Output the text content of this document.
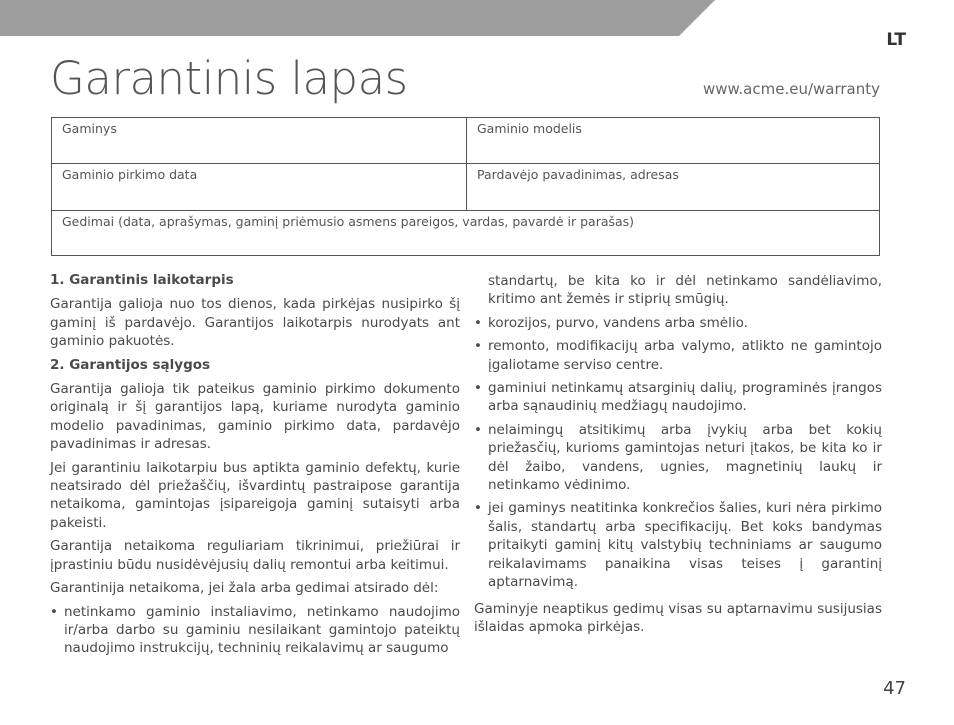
LT
Garantinis lapas	www.acme.eu/warranty
Gaminys	Gaminio modelis
Gaminio pirkimo data	Pardavėjo pavadinimas, adresas
Gedimai (data, aprašymas, gaminį priėmusio asmens pareigos, vardas, pavardė ir parašas)
1. Garantinis laikotarpis

Garantija galioja nuo tos dienos, kada pirkėjas nusipirko šį gaminį iš pardavėjo. Garantijos laikotarpis nurodyats ant gaminio pakuotės.

2. Garantijos sąlygos

Garantija galioja tik pateikus gaminio pirkimo dokumento originalą ir šį garantijos lapą, kuriame nurodyta gaminio modelio pavadinimas, gaminio pirkimo data, pardavėjo pavadinimas ir adresas.

Jei garantiniu laikotarpiu bus aptikta gaminio defektų, kurie neatsirado dėl priežaščių, išvardintų pastraipose garantija netaikoma, gamintojas įsipareigoja gaminį sutaisyti arba pakeisti.

Garantija netaikoma reguliariam tikrinimui, priežiūrai ir įprastiniu būdu nusidėvėjusių dalių remontui arba keitimui.

Garantinija netaikoma, jei žala arba gedimai atsirado dėl:

• netinkamo gaminio instaliavimo, netinkamo naudojimo ir/arba darbo su gaminiu nesilaikant gamintojo pateiktų naudojimo instrukcijų, techninių reikalavimų ar saugumo
standartų, be kita ko ir dėl netinkamo sandėliavimo, kritimo ant žemės ir stiprių smūgių.
• korozijos, purvo, vandens arba smėlio.
• remonto, modifikacijų arba valymo, atlikto ne gamintojo įgaliotame serviso centre.
• gaminiui netinkamų atsarginių dalių, programinės įrangos arba sąnaudinių medžiagų naudojimo.
• nelaimingų atsitikimų arba įvykių arba bet kokių priežasčių, kurioms gamintojas neturi įtakos, be kita ko ir dėl žaibo, vandens, ugnies, magnetinių laukų ir netinkamo vėdinimo.
• jei gaminys neatitinka konkrečios šalies, kuri nėra pirkimo šalis, standartų arba specifikacijų. Bet koks bandymas pritaikyti gaminį kitų valstybių techniniams ar saugumo reikalavimams panaikina visas teises į garantinį aptarnavimą.

Gaminyje neaptikus gedimų visas su aptarnavimu susijusias išlaidas apmoka pirkėjas.

47
